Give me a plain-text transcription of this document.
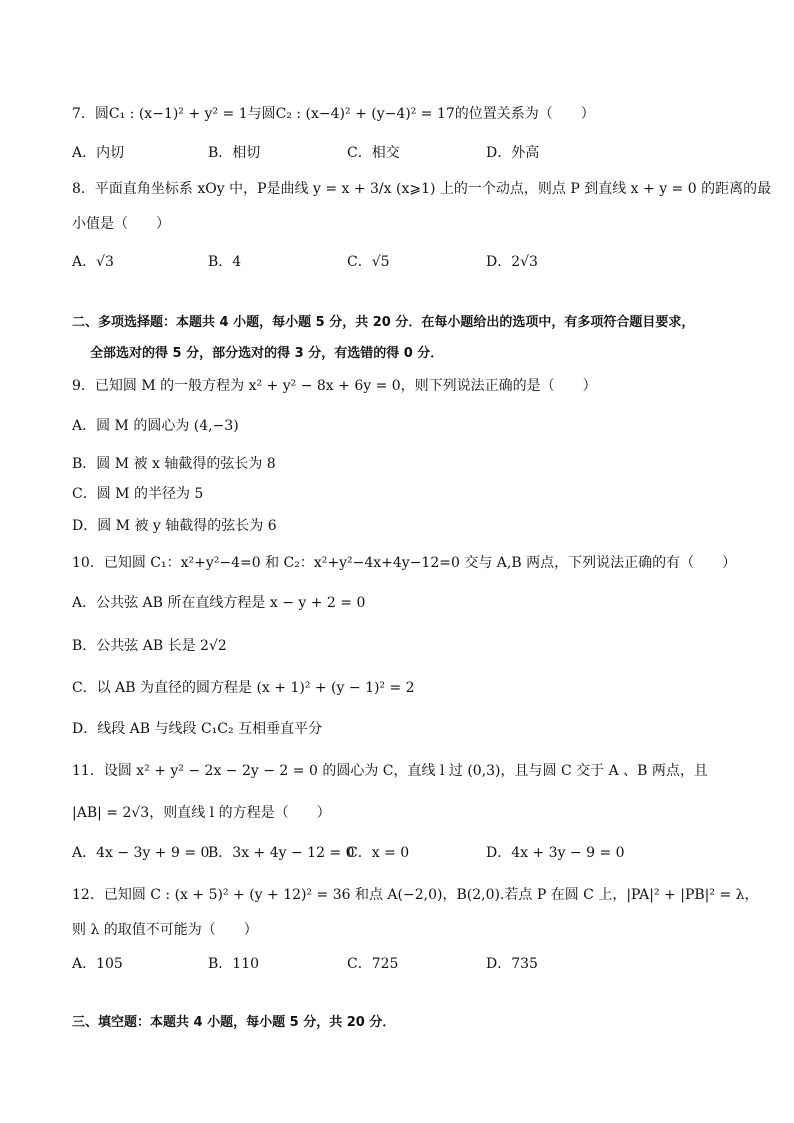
7．圆C₁ : (x−1)² + y² = 1与圆C₂ : (x−4)² + (y−4)² = 17的位置关系为（　　）
A．内切	B．相切	C．相交	D．外高
8．平面直角坐标系 xOy 中，P是曲线 y = x + 3/x (x⩾1) 上的一个动点，则点 P 到直线 x + y = 0 的距离的最
小值是（　　）
A．√3	B．4	C．√5	D．2√3
二、多项选择题：本题共 4 小题，每小题 5 分，共 20 分．在每小题给出的选项中，有多项符合题目要求，
全部选对的得 5 分，部分选对的得 3 分，有选错的得 0 分．
9．已知圆 M 的一般方程为 x² + y² − 8x + 6y = 0，则下列说法正确的是（　　）
A．圆 M 的圆心为 (4,−3)
B．圆 M 被 x 轴截得的弦长为 8
C．圆 M 的半径为 5
D．圆 M 被 y 轴截得的弦长为 6
10．已知圆 C₁：x²+y²−4=0 和 C₂：x²+y²−4x+4y−12=0 交与 A,B 两点，下列说法正确的有（　　）
A．公共弦 AB 所在直线方程是 x − y + 2 = 0
B．公共弦 AB 长是 2√2
C．以 AB 为直径的圆方程是 (x + 1)² + (y − 1)² = 2
D．线段 AB 与线段 C₁C₂ 互相垂直平分
11．设圆 x² + y² − 2x − 2y − 2 = 0 的圆心为 C，直线 l 过 (0,3)，且与圆 C 交于 A 、B 两点，且
|AB| = 2√3，则直线 l 的方程是（　　）
A．4x − 3y + 9 = 0
B．3x + 4y − 12 = 0
C．x = 0	D．4x + 3y − 9 = 0
12．已知圆 C : (x + 5)² + (y + 12)² = 36 和点 A(−2,0)，B(2,0).若点 P 在圆 C 上，|PA|² + |PB|² = λ，
则 λ 的取值不可能为（　　）
A．105	B．110	C．725	D．735
三、填空题：本题共 4 小题，每小题 5 分，共 20 分．
